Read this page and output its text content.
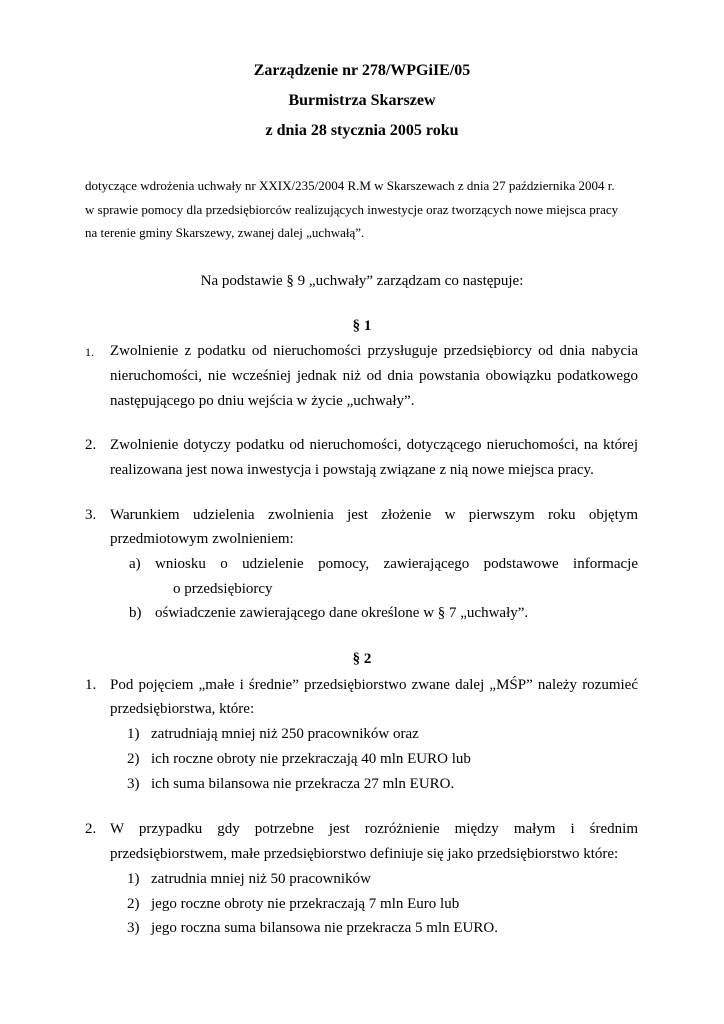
Zarządzenie nr 278/WPGiIE/05
Burmistrza Skarszew
z dnia 28 stycznia 2005 roku
dotyczące wdrożenia uchwały nr XXIX/235/2004 R.M w Skarszewach z dnia 27 października 2004 r.
w sprawie pomocy dla przedsiębiorców realizujących inwestycje oraz tworzących nowe miejsca pracy
na terenie gminy Skarszewy, zwanej dalej „uchwałą”.
Na podstawie § 9 „uchwały” zarządzam co następuje:
§ 1
1. Zwolnienie z podatku od nieruchomości przysługuje przedsiębiorcy od dnia nabycia
nieruchomości, nie wcześniej jednak niż od dnia powstania obowiązku podatkowego
następującego po dniu wejścia w życie „uchwały”.
2. Zwolnienie dotyczy podatku od nieruchomości, dotyczącego nieruchomości, na której
realizowana jest nowa inwestycja i powstają związane z nią nowe miejsca pracy.
3. Warunkiem udzielenia zwolnienia jest złożenie w pierwszym roku objętym
przedmiotowym zwolnieniem:
a) wniosku o udzielenie pomocy, zawierającego podstawowe informacje
o przedsiębiorcy
b) oświadczenie zawierającego dane określone w § 7 „uchwały”.
§ 2
1. Pod pojęciem „małe i średnie” przedsiębiorstwo zwane dalej „MŚP” należy rozumieć
przedsiębiorstwa, które:
1) zatrudniają mniej niż 250 pracowników oraz
2) ich roczne obroty nie przekraczają 40 mln EURO lub
3) ich suma bilansowa nie przekracza 27 mln EURO.
2. W przypadku gdy potrzebne jest rozróżnienie między małym i średnim
przedsiębiorstwem, małe przedsiębiorstwo definiuje się jako przedsiębiorstwo które:
1) zatrudnia mniej niż 50 pracowników
2) jego roczne obroty nie przekraczają 7 mln Euro lub
3) jego roczna suma bilansowa nie przekracza 5 mln EURO.
